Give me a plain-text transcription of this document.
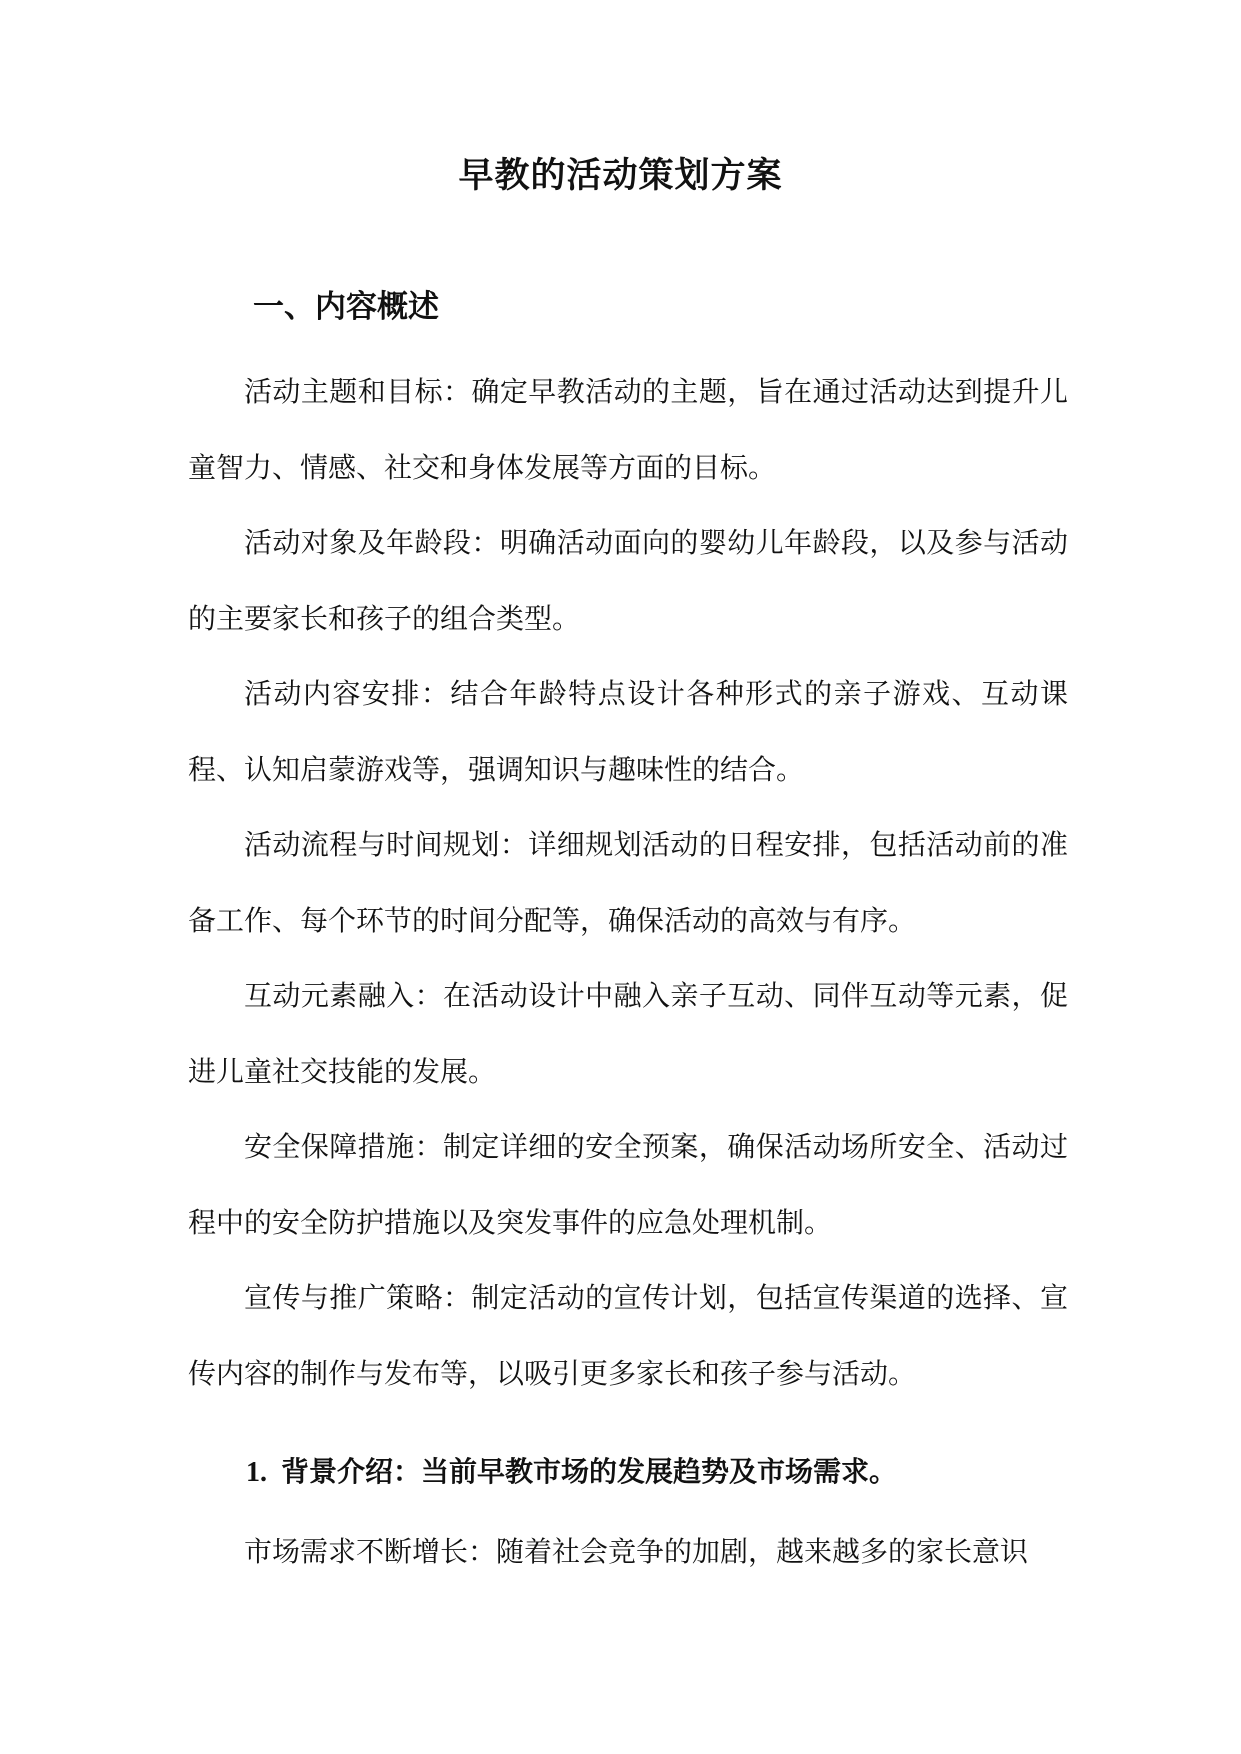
早教的活动策划方案
一、内容概述

活动主题和目标：确定早教活动的主题，旨在通过活动达到提升儿童智力、情感、社交和身体发展等方面的目标。

活动对象及年龄段：明确活动面向的婴幼儿年龄段，以及参与活动的主要家长和孩子的组合类型。

活动内容安排：结合年龄特点设计各种形式的亲子游戏、互动课程、认知启蒙游戏等，强调知识与趣味性的结合。

活动流程与时间规划：详细规划活动的日程安排，包括活动前的准备工作、每个环节的时间分配等，确保活动的高效与有序。

互动元素融入：在活动设计中融入亲子互动、同伴互动等元素，促进儿童社交技能的发展。

安全保障措施：制定详细的安全预案，确保活动场所安全、活动过程中的安全防护措施以及突发事件的应急处理机制。

宣传与推广策略：制定活动的宣传计划，包括宣传渠道的选择、宣传内容的制作与发布等，以吸引更多家长和孩子参与活动。

1. 背景介绍：当前早教市场的发展趋势及市场需求。

市场需求不断增长：随着社会竞争的加剧，越来越多的家长意识
